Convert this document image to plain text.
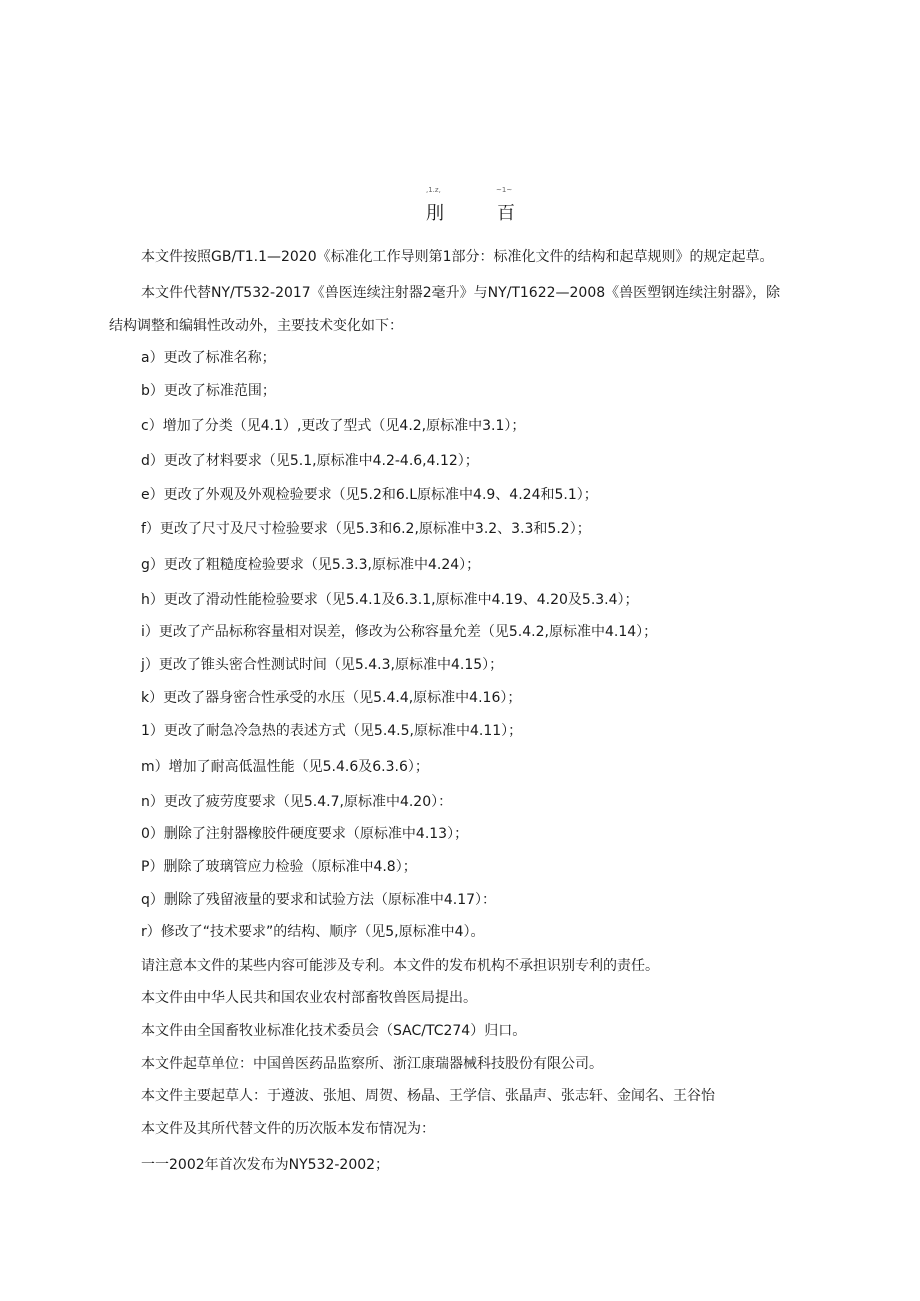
,1.z,	~1~
刖	百
本文件按照GB/T1.1—2020《标准化工作导则第1部分：标准化文件的结构和起草规则》的规定起草。
本文件代替NY/T532-2017《兽医连续注射器2毫升》与NY/T1622—2008《兽医塑钢连续注射器》，除
结构调整和编辑性改动外，主要技术变化如下：
a）更改了标准名称；
b）更改了标准范围；
c）增加了分类（见4.1）,更改了型式（见4.2,原标准中3.1）；
d）更改了材料要求（见5.1,原标准中4.2-4.6,4.12）；
e）更改了外观及外观检验要求（见5.2和6.L原标准中4.9、4.24和5.1）；
f）更改了尺寸及尺寸检验要求（见5.3和6.2,原标准中3.2、3.3和5.2）；
g）更改了粗糙度检验要求（见5.3.3,原标准中4.24）；
h）更改了滑动性能检验要求（见5.4.1及6.3.1,原标准中4.19、4.20及5.3.4）；
i）更改了产品标称容量相对误差，修改为公称容量允差（见5.4.2,原标准中4.14）；
j）更改了锥头密合性测试时间（见5.4.3,原标准中4.15）；
k）更改了器身密合性承受的水压（见5.4.4,原标准中4.16）；
1）更改了耐急冷急热的表述方式（见5.4.5,原标准中4.11）；
m）增加了耐高低温性能（见5.4.6及6.3.6）；
n）更改了疲劳度要求（见5.4.7,原标准中4.20）：
0）删除了注射器橡胶件硬度要求（原标准中4.13）；
P）删除了玻璃管应力检验（原标准中4.8）；
q）删除了残留液量的要求和试验方法（原标准中4.17）：
r）修改了“技术要求”的结构、顺序（见5,原标准中4）。
请注意本文件的某些内容可能涉及专利。本文件的发布机构不承担识别专利的责任。
本文件由中华人民共和国农业农村部畜牧兽医局提出。
本文件由全国畜牧业标准化技术委员会（SAC/TC274）归口。
本文件起草单位：中国兽医药品监察所、浙江康瑞器械科技股份有限公司。
本文件主要起草人：于遵波、张旭、周贺、杨晶、王学信、张晶声、张志轩、金闻名、王谷怡
本文件及其所代替文件的历次版本发布情况为：
一一2002年首次发布为NY532-2002；
